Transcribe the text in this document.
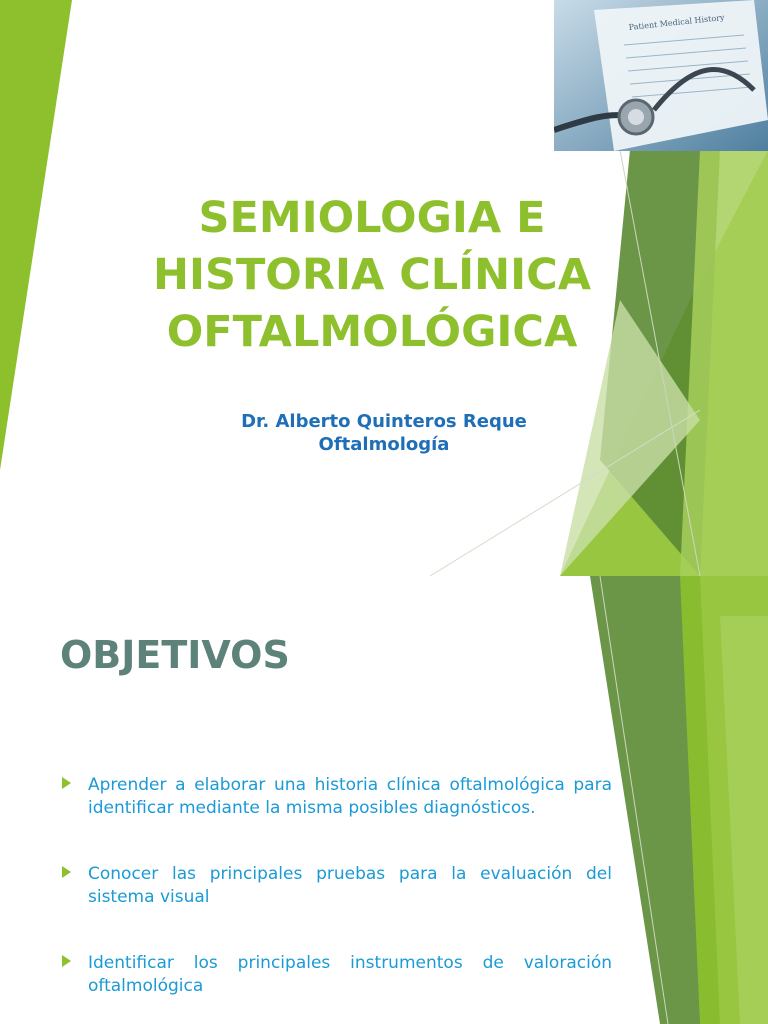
Patient Medical History
SEMIOLOGIA E
HISTORIA CLÍNICA
OFTALMOLÓGICA

Dr. Alberto Quinteros Reque
Oftalmología

OBJETIVOS
Aprender a elaborar una historia clínica oftalmológica para identificar mediante la misma posibles diagnósticos.
Conocer las principales pruebas para la evaluación del sistema visual
Identificar los principales instrumentos de valoración oftalmológica
